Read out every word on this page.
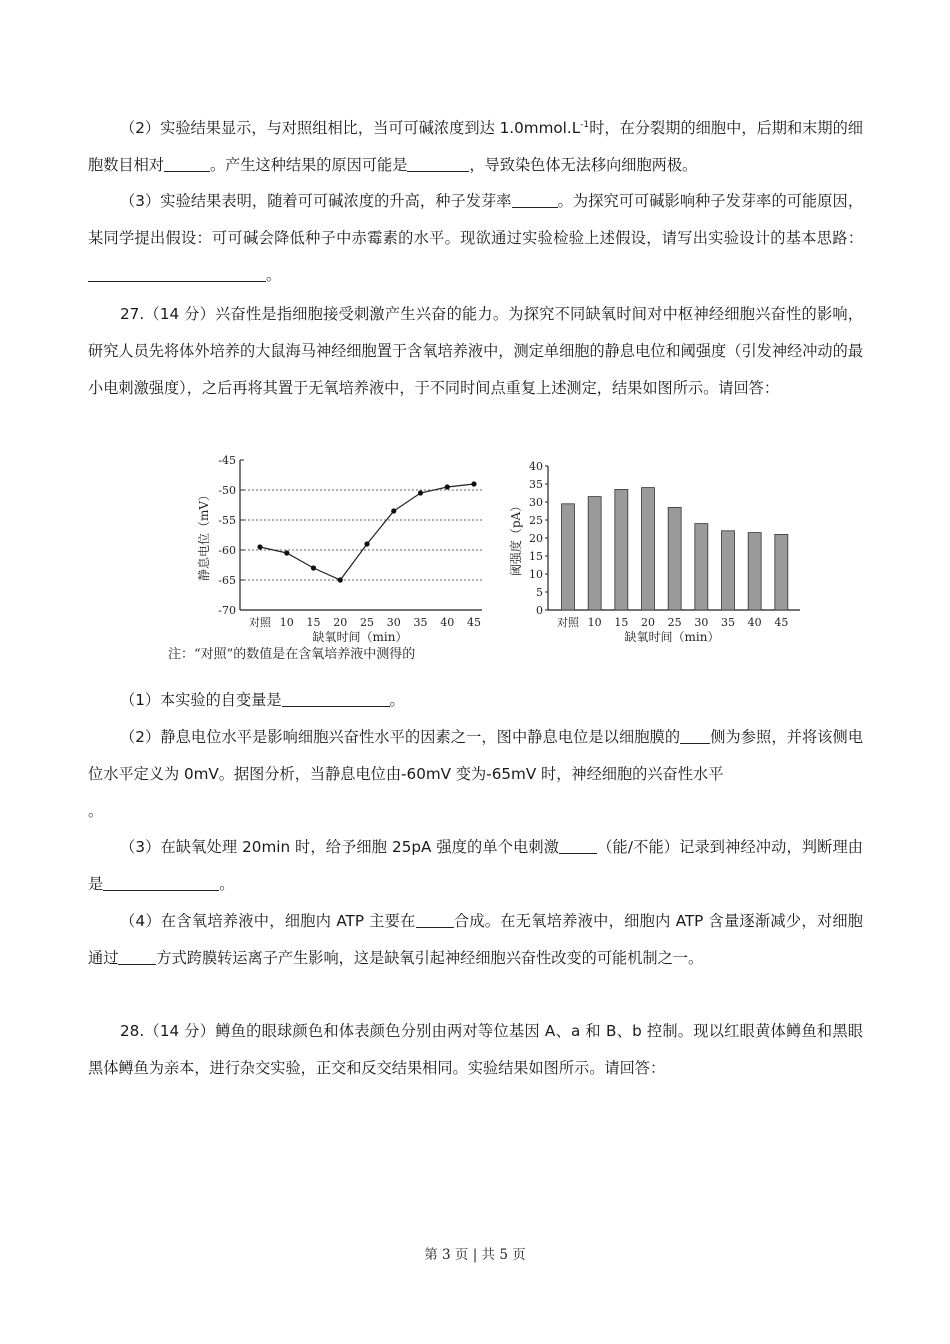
（2）实验结果显示，与对照组相比，当可可碱浓度到达 $1.0mmol.L^{-1}$时，在分裂期的细胞中，后期和末期的细胞数目相对	。产生这种结果的原因可能是	，导致染色体无法移向细胞两极。

（3）实验结果表明，随着可可碱浓度的升高，种子发芽率	。为探究可可碱影响种子发芽率的可能原因，某同学提出假设：可可碱会降低种子中赤霉素的水平。现欲通过实验检验上述假设，请写出实验设计的基本思路：。

27.（14 分）兴奋性是指细胞接受刺激产生兴奋的能力。为探究不同缺氧时间对中枢神经细胞兴奋性的影响，研究人员先将体外培养的大鼠海马神经细胞置于含氧培养液中，测定单细胞的静息电位和阈强度（引发神经冲动的最小电刺激强度），之后再将其置于无氧培养液中，于不同时间点重复上述测定，结果如图所示。请回答：

-45
-50
-55
-60
-65
-70
对照 10 15 20 25 30 35 40 45
静息电位（mV）
缺氧时间（min）
0
5
10
15
20
25
30
35
40
对照 10 15 20 25 30 35 40 45
阈强度（pA）
缺氧时间（min）
注：“对照”的数值是在含氧培养液中测得的

（1）本实验的自变量是	。

（2）静息电位水平是影响细胞兴奋性水平的因素之一，图中静息电位是以细胞膜的 侧为参照，并将该侧电位水平定义为 0mV。据图分析，当静息电位由-60mV 变为-65mV 时，神经细胞的兴奋性水平
。

（3）在缺氧处理 20min 时，给予细胞 25pA 强度的单个电刺激	（能/不能）记录到神经冲动，判断理由是	。

（4）在含氧培养液中，细胞内 ATP 主要在	合成。在无氧培养液中，细胞内 ATP 含量逐渐减少，对细胞通过	方式跨膜转运离子产生影响，这是缺氧引起神经细胞兴奋性改变的可能机制之一。

28.（14 分）鳟鱼的眼球颜色和体表颜色分别由两对等位基因 A、a 和 B、b 控制。现以红眼黄体鳟鱼和黑眼黑体鳟鱼为亲本，进行杂交实验，正交和反交结果相同。实验结果如图所示。请回答：

第 3 页 | 共 5 页
